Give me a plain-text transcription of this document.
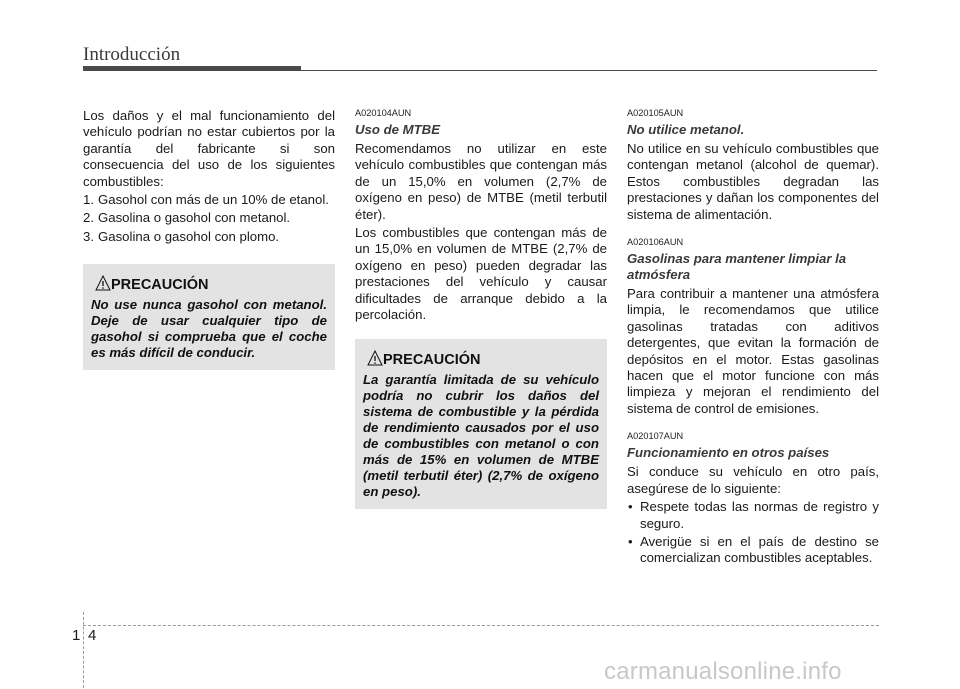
Introducción

Los daños y el mal funcionamiento del vehículo podrían no estar cubiertos por la garantía del fabricante si son consecuencia del uso de los siguientes combustibles:

1. Gasohol con más de un 10% de etanol.
2. Gasolina o gasohol con metanol.
3. Gasolina o gasohol con plomo.
PRECAUCIÓN

No use nunca gasohol con metanol. Deje de usar cualquier tipo de gasohol si comprueba que el coche es más difícil de conducir.

A020104AUN
Uso de MTBE

Recomendamos no utilizar en este vehículo combustibles que contengan más de un 15,0% en volumen (2,7% de oxígeno en peso) de MTBE (metil terbutil éter).

Los combustibles que contengan más de un 15,0% en volumen de MTBE (2,7% de oxígeno en peso) pueden degradar las prestaciones del vehículo y causar dificultades de arranque debido a la percolación.

PRECAUCIÓN

La garantía limitada de su vehículo podría no cubrir los daños del sistema de combustible y la pérdida de rendimiento causados por el uso de combustibles con metanol o con más de 15% en volumen de MTBE (metil terbutil éter) (2,7% de oxígeno en peso).

A020105AUN
No utilice metanol.

No utilice en su vehículo combustibles que contengan metanol (alcohol de quemar). Estos combustibles degradan las prestaciones y dañan los componentes del sistema de alimentación.

A020106AUN
Gasolinas para mantener limpiar la atmósfera

Para contribuir a mantener una atmósfera limpia, le recomendamos que utilice gasolinas tratadas con aditivos detergentes, que evitan la formación de depósitos en el motor. Estas gasolinas hacen que el motor funcione con más limpieza y mejoran el rendimiento del sistema de control de emisiones.

A020107AUN
Funcionamiento en otros países

Si conduce su vehículo en otro país, asegúrese de lo siguiente:

• Respete todas las normas de registro y seguro.
• Averigüe si en el país de destino se comercializan combustibles aceptables.
1 4
carmanualsonline.info
